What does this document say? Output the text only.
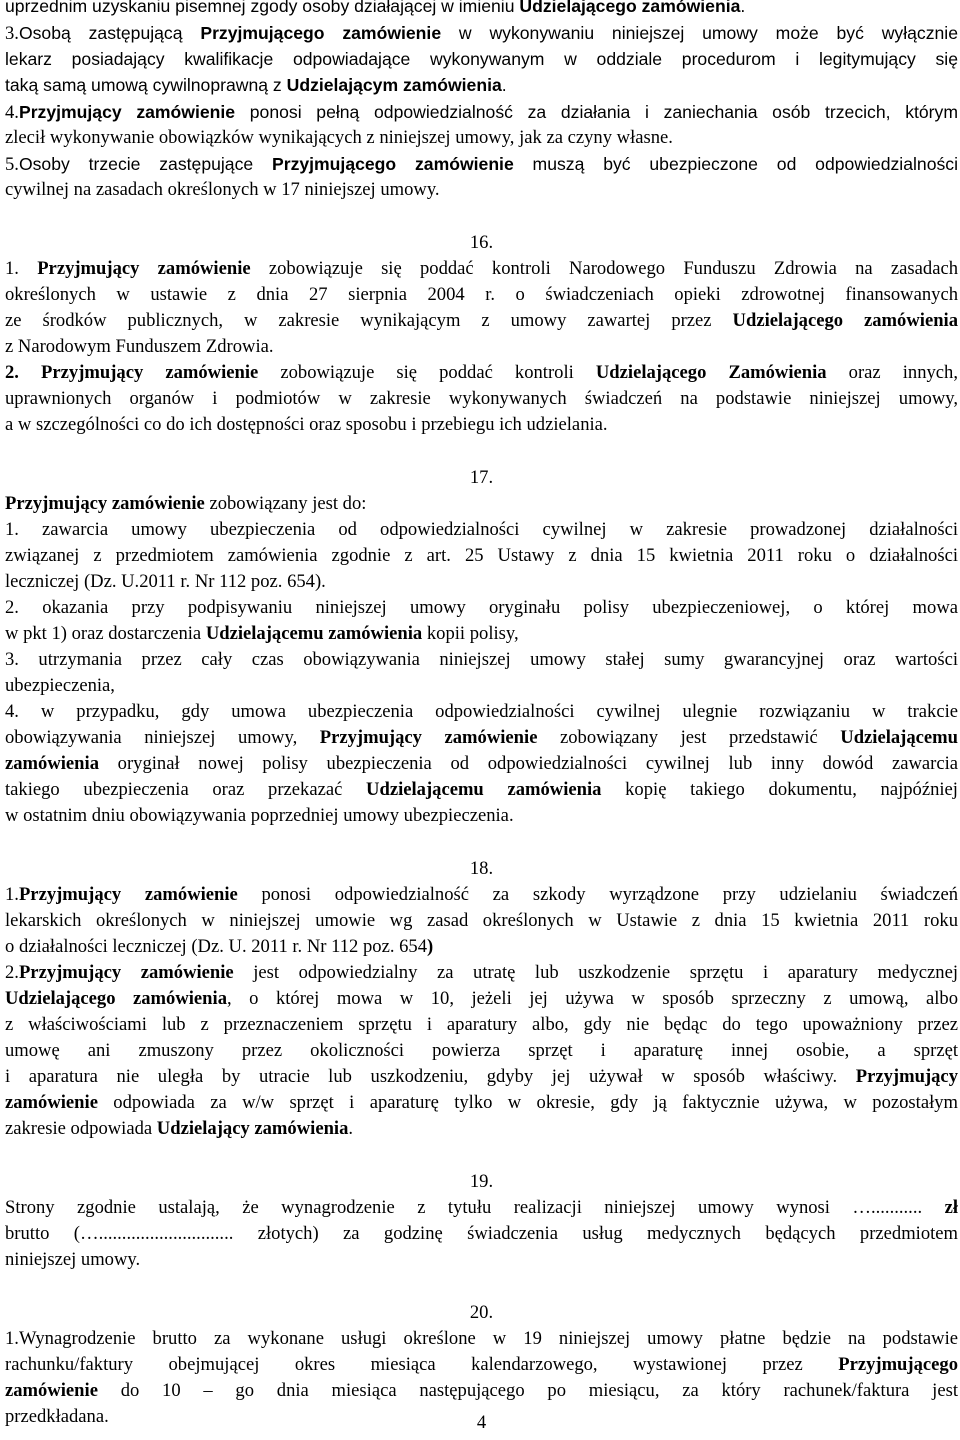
uprzednim uzyskaniu pisemnej zgody osoby działającej w imieniu Udzielającego zamówienia.
3.Osobą zastępującą Przyjmującego zamówienie w wykonywaniu niniejszej umowy może być wyłącznie
lekarz posiadający kwalifikacje odpowiadające wykonywanym w oddziale procedurom i legitymujący się
taką samą umową cywilnoprawną z Udzielającym zamówienia.
4.Przyjmujący zamówienie ponosi pełną odpowiedzialność za działania i zaniechania osób trzecich, którym
zlecił wykonywanie obowiązków wynikających z niniejszej umowy, jak za czyny własne.
5.Osoby trzecie zastępujące Przyjmującego zamówienie muszą być ubezpieczone od odpowiedzialności
cywilnej na zasadach określonych w 17 niniejszej umowy.
16.
1. Przyjmujący zamówienie zobowiązuje się poddać kontroli Narodowego Funduszu Zdrowia na zasadach
określonych w ustawie z dnia 27 sierpnia 2004 r. o świadczeniach opieki zdrowotnej finansowanych
ze środków publicznych, w zakresie wynikającym z umowy zawartej przez Udzielającego zamówienia
z Narodowym Funduszem Zdrowia.
2. Przyjmujący zamówienie zobowiązuje się poddać kontroli Udzielającego Zamówienia oraz innych,
uprawnionych organów i podmiotów w zakresie wykonywanych świadczeń na podstawie niniejszej umowy,
a w szczególności co do ich dostępności oraz sposobu i przebiegu ich udzielania.
17.
Przyjmujący zamówienie zobowiązany jest do:
1. zawarcia umowy ubezpieczenia od odpowiedzialności cywilnej w zakresie prowadzonej działalności
związanej z przedmiotem zamówienia zgodnie z art. 25 Ustawy z dnia 15 kwietnia 2011 roku o działalności
leczniczej (Dz. U.2011 r. Nr 112 poz. 654).
2. okazania przy podpisywaniu niniejszej umowy oryginału polisy ubezpieczeniowej, o której mowa
w pkt 1) oraz dostarczenia Udzielającemu zamówienia kopii polisy,
3. utrzymania przez cały czas obowiązywania niniejszej umowy stałej sumy gwarancyjnej oraz wartości
ubezpieczenia,
4. w przypadku, gdy umowa ubezpieczenia odpowiedzialności cywilnej ulegnie rozwiązaniu w trakcie
obowiązywania niniejszej umowy, Przyjmujący zamówienie zobowiązany jest przedstawić Udzielającemu
zamówienia oryginał nowej polisy ubezpieczenia od odpowiedzialności cywilnej lub inny dowód zawarcia
takiego ubezpieczenia oraz przekazać Udzielającemu zamówienia kopię takiego dokumentu, najpóźniej
w ostatnim dniu obowiązywania poprzedniej umowy ubezpieczenia.
18.
1.Przyjmujący zamówienie ponosi odpowiedzialność za szkody wyrządzone przy udzielaniu świadczeń
lekarskich określonych w niniejszej umowie wg zasad określonych w Ustawie z dnia 15 kwietnia 2011 roku
o działalności leczniczej (Dz. U. 2011 r. Nr 112 poz. 654)
2.Przyjmujący zamówienie jest odpowiedzialny za utratę lub uszkodzenie sprzętu i aparatury medycznej
Udzielającego zamówienia, o której mowa w 10, jeżeli jej używa w sposób sprzeczny z umową, albo
z właściwościami lub z przeznaczeniem sprzętu i aparatury albo, gdy nie będąc do tego upoważniony przez
umowę ani zmuszony przez okoliczności powierza sprzęt i aparaturę innej osobie, a sprzęt
i aparatura nie uległa by utracie lub uszkodzeniu, gdyby jej używał w sposób właściwy. Przyjmujący
zamówienie odpowiada za w/w sprzęt i aparaturę tylko w okresie, gdy ją faktycznie używa, w pozostałym
zakresie odpowiada Udzielający zamówienia.
19.
Strony zgodnie ustalają, że wynagrodzenie z tytułu realizacji niniejszej umowy wynosi …........... zł
brutto (…............................. złotych) za godzinę świadczenia usług medycznych będących przedmiotem
niniejszej umowy.
20.
1.Wynagrodzenie brutto za wykonane usługi określone w 19 niniejszej umowy płatne będzie na podstawie
rachunku/faktury obejmującej okres miesiąca kalendarzowego, wystawionej przez Przyjmującego
zamówienie do 10 – go dnia miesiąca następującego po miesiącu, za który rachunek/faktura jest
przedkładana.	4
